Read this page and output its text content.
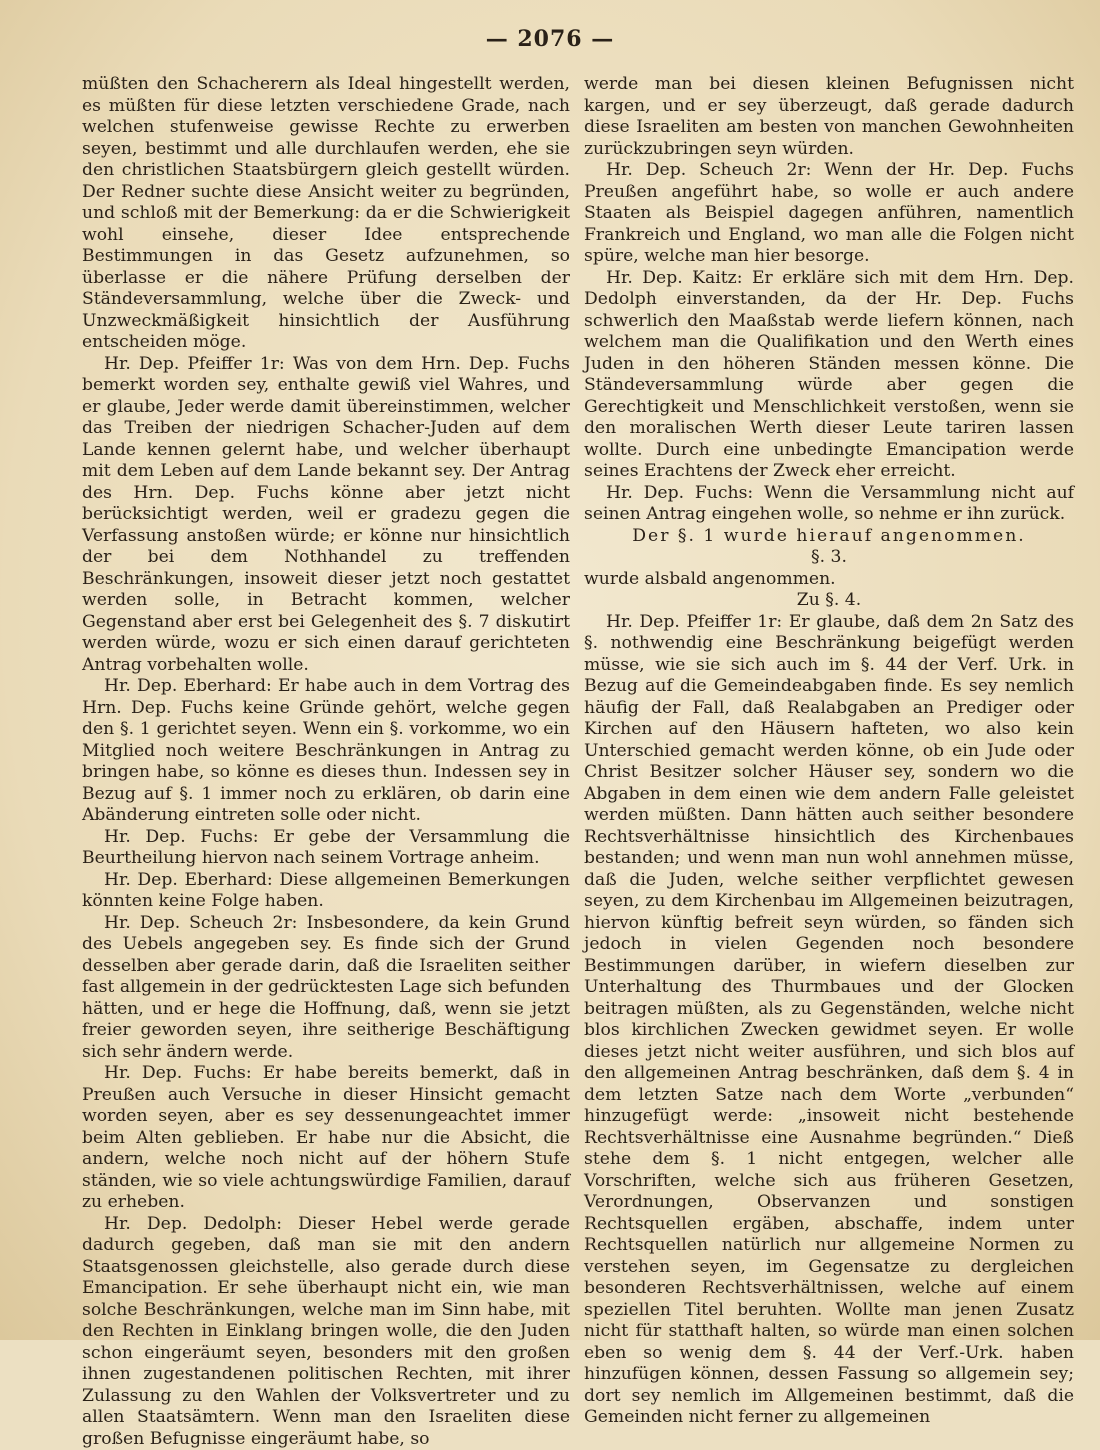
— 2076 —

müßten den Schacherern als Ideal hingestellt werden, es müßten für diese letzten verschiedene Grade, nach welchen stufenweise gewisse Rechte zu erwerben seyen, bestimmt und alle durchlaufen werden, ehe sie den christlichen Staatsbürgern gleich gestellt würden. Der Redner suchte diese Ansicht weiter zu begründen, und schloß mit der Bemerkung: da er die Schwierigkeit wohl einsehe, dieser Idee entsprechende Bestimmungen in das Gesetz aufzunehmen, so überlasse er die nähere Prüfung derselben der Ständeversammlung, welche über die Zweck- und Unzweckmäßigkeit hinsichtlich der Ausführung entscheiden möge.

Hr. Dep. Pfeiffer 1r: Was von dem Hrn. Dep. Fuchs bemerkt worden sey, enthalte gewiß viel Wahres, und er glaube, Jeder werde damit übereinstimmen, welcher das Treiben der niedrigen Schacher-Juden auf dem Lande kennen gelernt habe, und welcher überhaupt mit dem Leben auf dem Lande bekannt sey. Der Antrag des Hrn. Dep. Fuchs könne aber jetzt nicht berücksichtigt werden, weil er gradezu gegen die Verfassung anstoßen würde; er könne nur hinsichtlich der bei dem Nothhandel zu treffenden Beschränkungen, insoweit dieser jetzt noch gestattet werden solle, in Betracht kommen, welcher Gegenstand aber erst bei Gelegenheit des §. 7 diskutirt werden würde, wozu er sich einen darauf gerichteten Antrag vorbehalten wolle.

Hr. Dep. Eberhard: Er habe auch in dem Vortrag des Hrn. Dep. Fuchs keine Gründe gehört, welche gegen den §. 1 gerichtet seyen. Wenn ein §. vorkomme, wo ein Mitglied noch weitere Beschränkungen in Antrag zu bringen habe, so könne es dieses thun. Indessen sey in Bezug auf §. 1 immer noch zu erklären, ob darin eine Abänderung eintreten solle oder nicht.

Hr. Dep. Fuchs: Er gebe der Versammlung die Beurtheilung hiervon nach seinem Vortrage anheim.

Hr. Dep. Eberhard: Diese allgemeinen Bemerkungen könnten keine Folge haben.

Hr. Dep. Scheuch 2r: Insbesondere, da kein Grund des Uebels angegeben sey. Es finde sich der Grund desselben aber gerade darin, daß die Israeliten seither fast allgemein in der gedrücktesten Lage sich befunden hätten, und er hege die Hoffnung, daß, wenn sie jetzt freier geworden seyen, ihre seitherige Beschäftigung sich sehr ändern werde.

Hr. Dep. Fuchs: Er habe bereits bemerkt, daß in Preußen auch Versuche in dieser Hinsicht gemacht worden seyen, aber es sey dessenungeachtet immer beim Alten geblieben. Er habe nur die Absicht, die andern, welche noch nicht auf der höhern Stufe ständen, wie so viele achtungswürdige Familien, darauf zu erheben.

Hr. Dep. Dedolph: Dieser Hebel werde gerade dadurch gegeben, daß man sie mit den andern Staatsgenossen gleichstelle, also gerade durch diese Emancipation. Er sehe überhaupt nicht ein, wie man solche Beschränkungen, welche man im Sinn habe, mit den Rechten in Einklang bringen wolle, die den Juden schon eingeräumt seyen, besonders mit den großen ihnen zugestandenen politischen Rechten, mit ihrer Zulassung zu den Wahlen der Volksvertreter und zu allen Staatsämtern. Wenn man den Israeliten diese großen Befugnisse eingeräumt habe, so

werde man bei diesen kleinen Befugnissen nicht kargen, und er sey überzeugt, daß gerade dadurch diese Israeliten am besten von manchen Gewohnheiten zurückzubringen seyn würden.

Hr. Dep. Scheuch 2r: Wenn der Hr. Dep. Fuchs Preußen angeführt habe, so wolle er auch andere Staaten als Beispiel dagegen anführen, namentlich Frankreich und England, wo man alle die Folgen nicht spüre, welche man hier besorge.

Hr. Dep. Kaitz: Er erkläre sich mit dem Hrn. Dep. Dedolph einverstanden, da der Hr. Dep. Fuchs schwerlich den Maaßstab werde liefern können, nach welchem man die Qualifikation und den Werth eines Juden in den höheren Ständen messen könne. Die Ständeversammlung würde aber gegen die Gerechtigkeit und Menschlichkeit verstoßen, wenn sie den moralischen Werth dieser Leute tariren lassen wollte. Durch eine unbedingte Emancipation werde seines Erachtens der Zweck eher erreicht.

Hr. Dep. Fuchs: Wenn die Versammlung nicht auf seinen Antrag eingehen wolle, so nehme er ihn zurück.

Der §. 1 wurde hierauf angenommen.

§. 3.

wurde alsbald angenommen.

Zu §. 4.

Hr. Dep. Pfeiffer 1r: Er glaube, daß dem 2n Satz des §. nothwendig eine Beschränkung beigefügt werden müsse, wie sie sich auch im §. 44 der Verf. Urk. in Bezug auf die Gemeindeabgaben finde. Es sey nemlich häufig der Fall, daß Realabgaben an Prediger oder Kirchen auf den Häusern hafteten, wo also kein Unterschied gemacht werden könne, ob ein Jude oder Christ Besitzer solcher Häuser sey, sondern wo die Abgaben in dem einen wie dem andern Falle geleistet werden müßten. Dann hätten auch seither besondere Rechtsverhältnisse hinsichtlich des Kirchenbaues bestanden; und wenn man nun wohl annehmen müsse, daß die Juden, welche seither verpflichtet gewesen seyen, zu dem Kirchenbau im Allgemeinen beizutragen, hiervon künftig befreit seyn würden, so fänden sich jedoch in vielen Gegenden noch besondere Bestimmungen darüber, in wiefern dieselben zur Unterhaltung des Thurmbaues und der Glocken beitragen müßten, als zu Gegenständen, welche nicht blos kirchlichen Zwecken gewidmet seyen. Er wolle dieses jetzt nicht weiter ausführen, und sich blos auf den allgemeinen Antrag beschränken, daß dem §. 4 in dem letzten Satze nach dem Worte „verbunden“ hinzugefügt werde: „insoweit nicht bestehende Rechtsverhältnisse eine Ausnahme begründen.“ Dieß stehe dem §. 1 nicht entgegen, welcher alle Vorschriften, welche sich aus früheren Gesetzen, Verordnungen, Observanzen und sonstigen Rechtsquellen ergäben, abschaffe, indem unter Rechtsquellen natürlich nur allgemeine Normen zu verstehen seyen, im Gegensatze zu dergleichen besonderen Rechtsverhältnissen, welche auf einem speziellen Titel beruhten. Wollte man jenen Zusatz nicht für statthaft halten, so würde man einen solchen eben so wenig dem §. 44 der Verf.-Urk. haben hinzufügen können, dessen Fassung so allgemein sey; dort sey nemlich im Allgemeinen bestimmt, daß die Gemeinden nicht ferner zu allgemeinen
